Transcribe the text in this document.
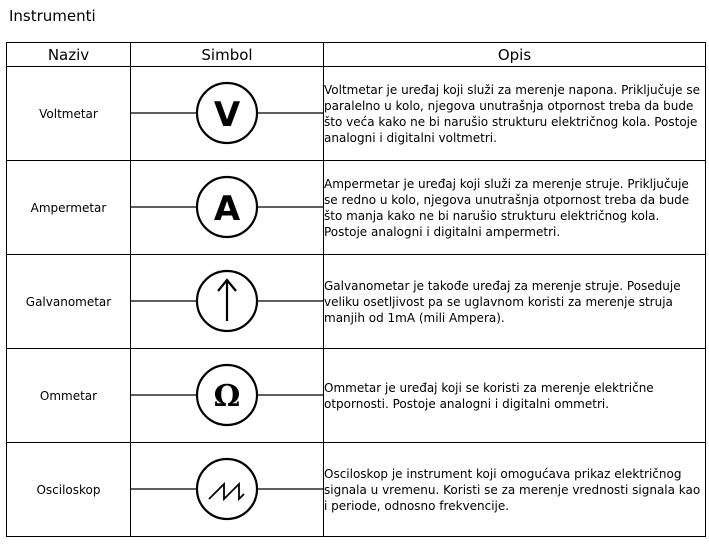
Instrumenti
Naziv	Simbol	Opis
Voltmetar	V	Voltmetar je uređaj koji služi za merenje napona. Priključuje se paralelno u kolo, njegova unutrašnja otpornost treba da bude što veća kako ne bi narušio strukturu električnog kola. Postoje analogni i digitalni voltmetri.

Ampermetar	A	Ampermetar je uređaj koji služi za merenje struje. Priključuje se redno u kolo, njegova unutrašnja otpornost treba da bude što manja kako ne bi narušio strukturu električnog kola. Postoje analogni i digitalni ampermetri.

Galvanometar		Galvanometar je takođe uređaj za merenje struje. Poseduje veliku osetljivost pa se uglavnom koristi za merenje struja manjih od 1mA (mili Ampera).

Ommetar	Ω	Ommetar je uređaj koji se koristi za merenje električne otpornosti. Postoje analogni i digitalni ommetri.

Osciloskop		Osciloskop je instrument koji omogućava prikaz električnog signala u vremenu. Koristi se za merenje vrednosti signala kao i periode, odnosno frekvencije.
